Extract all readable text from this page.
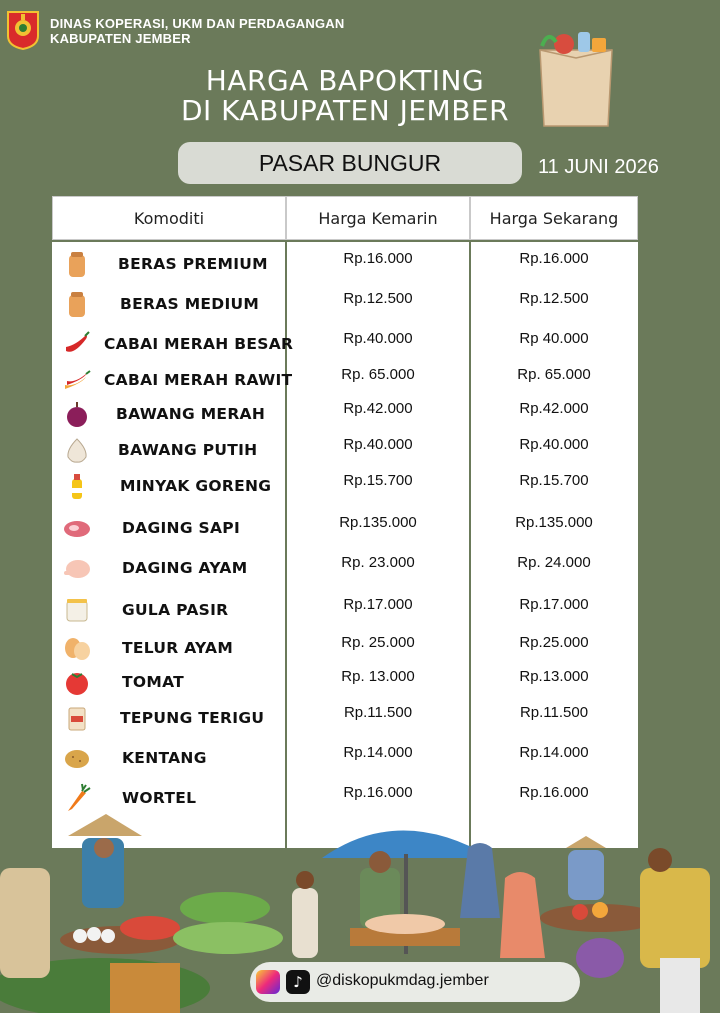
DINAS KOPERASI, UKM DAN PERDAGANGAN
KABUPATEN JEMBER
HARGA BAPOKTING
DI KABUPATEN JEMBER
PASAR BUNGUR	11 JUNI 2026
Komoditi	Harga Kemarin	Harga Sekarang
BERAS PREMIUM	Rp.16.000	Rp.16.000
BERAS MEDIUM	Rp.12.500	Rp.12.500
CABAI MERAH BESAR	Rp.40.000	Rp 40.000
CABAI MERAH RAWIT	Rp. 65.000	Rp. 65.000
BAWANG MERAH	Rp.42.000	Rp.42.000
BAWANG PUTIH	Rp.40.000	Rp.40.000
MINYAK GORENG	Rp.15.700	Rp.15.700
DAGING SAPI	Rp.135.000	Rp.135.000
DAGING AYAM	Rp. 23.000	Rp. 24.000
GULA PASIR	Rp.17.000	Rp.17.000
TELUR AYAM	Rp. 25.000	Rp.25.000
TOMAT	Rp. 13.000	Rp.13.000
TEPUNG TERIGU	Rp.11.500	Rp.11.500
KENTANG	Rp.14.000	Rp.14.000
WORTEL	Rp.16.000	Rp.16.000
♪ @diskopukmdag.jember
